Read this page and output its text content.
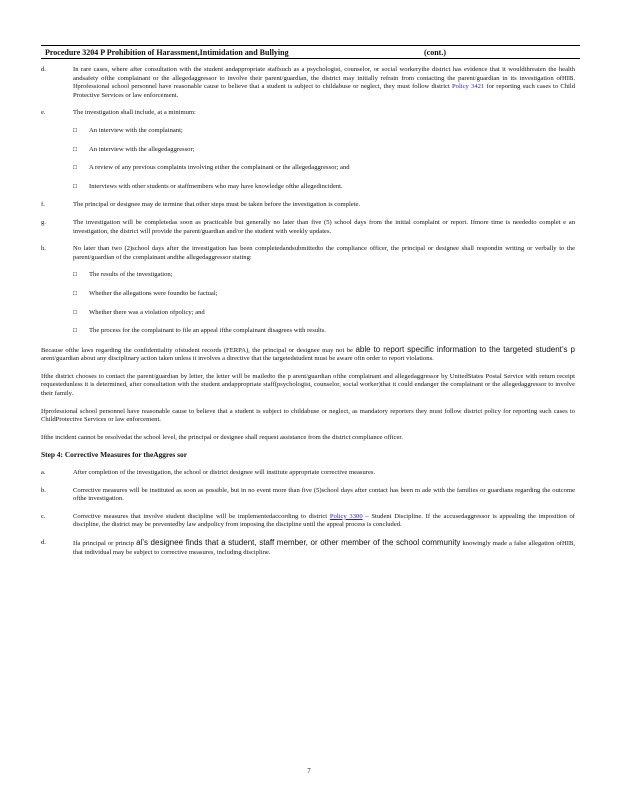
Procedure 3204 P Prohibition of Harassment,Intimidation and Bullying	(cont.)
d.	In rare cases, where after consultation with the student andappropriate staffsuch as a psychologist, counselor, or social workerythe district has evidence that it wouldthreaten the health andsafety ofthe complainant or the allegedaggressor to involve their parent/guardian, the district may initially refrain from contacting the parent/guardian in its investigation ofHIB. Ifprofessional school personnel have reasonable cause to believe that a student is subject to childabuse or neglect, they must follow district Policy 3421 for reporting such cases to Child Protective Services or law enforcement.
e.	The investigation shall include, at a minimum:
□	An interview with the complainant;
□	An interview with the allegedaggressor;
□	A review of any previous complaints involving either the complainant or the allegedaggressor; and
□	Interviews with other students or staffmembers who may have knowledge ofthe allegedincident.
f.	The principal or designee may de termine that other steps must be taken before the investigation is complete.
g.	The investigation will be completedas soon as practicable but generally no later than five (5) school days from the initial complaint or report. Ifmore time is neededto complet e an investigation, the district will provide the parent/guardian and/or the student with weekly updates.
h.	No later than two (2)school days after the investigation has been completedandsubmittedto the compliance officer, the principal or designee shall respondin writing or verbally to the parent/guardian of the complainant andthe allegedaggressor stating:
□	The results of the investigation;
□	Whether the allegations were foundto be factual;
□	Whether there was a violation ofpolicy; and
□	The process for the complainant to file an appeal ifthe complainant disagrees with results.
Because ofthe laws regarding the confidentiality ofstudent records (FERPA), the principal or designee may not be able to report specific information to the targeted student’s p arent/guardian about any disciplinary action taken unless it involves a directive that the targetedstudent must be aware ofin order to report violations.
Ifthe district chooses to contact the parent/guardian by letter, the letter will be mailedto the p arent/guardian ofthe complainant and allegedaggressor by UnitedStates Postal Service with return receipt requestedunless it is determined, after consultation with the student andappropriate staff(psychologist, counselor, social worker)that it could endanger the complainant or the allegedaggressor to involve their family.
Ifprofessional school personnel have reasonable cause to believe that a student is subject to childabuse or neglect, as mandatory reporters they must follow district policy for reporting such cases to ChildProtective Services or law enforcement.
Ifthe incident cannot be resolvedat the school level, the principal or designee shall request assistance from the district compliance officer.
Step 4: Corrective Measures for theAggres sor
a.	After completion of the investigation, the school or district designee will institute appropriate corrective measures.
b.	Corrective measures will be instituted as soon as possible, but in no event more than five (5)school days after contact has been m ade with the families or guardians regarding the outcome ofthe investigation.
c.	Corrective measures that involve student discipline will be implementedaccording to district Policy 3300 – Student Discipline. If the accusedaggressor is appealing the imposition of discipline, the district may be preventedby law andpolicy from imposing the discipline until the appeal process is concluded.
d.	Ifa principal or princip al’s designee finds that a student, staff member, or other member of the school community knowingly made a false allegation ofHIB, that individual may be subject to corrective measures, including discipline.
7
